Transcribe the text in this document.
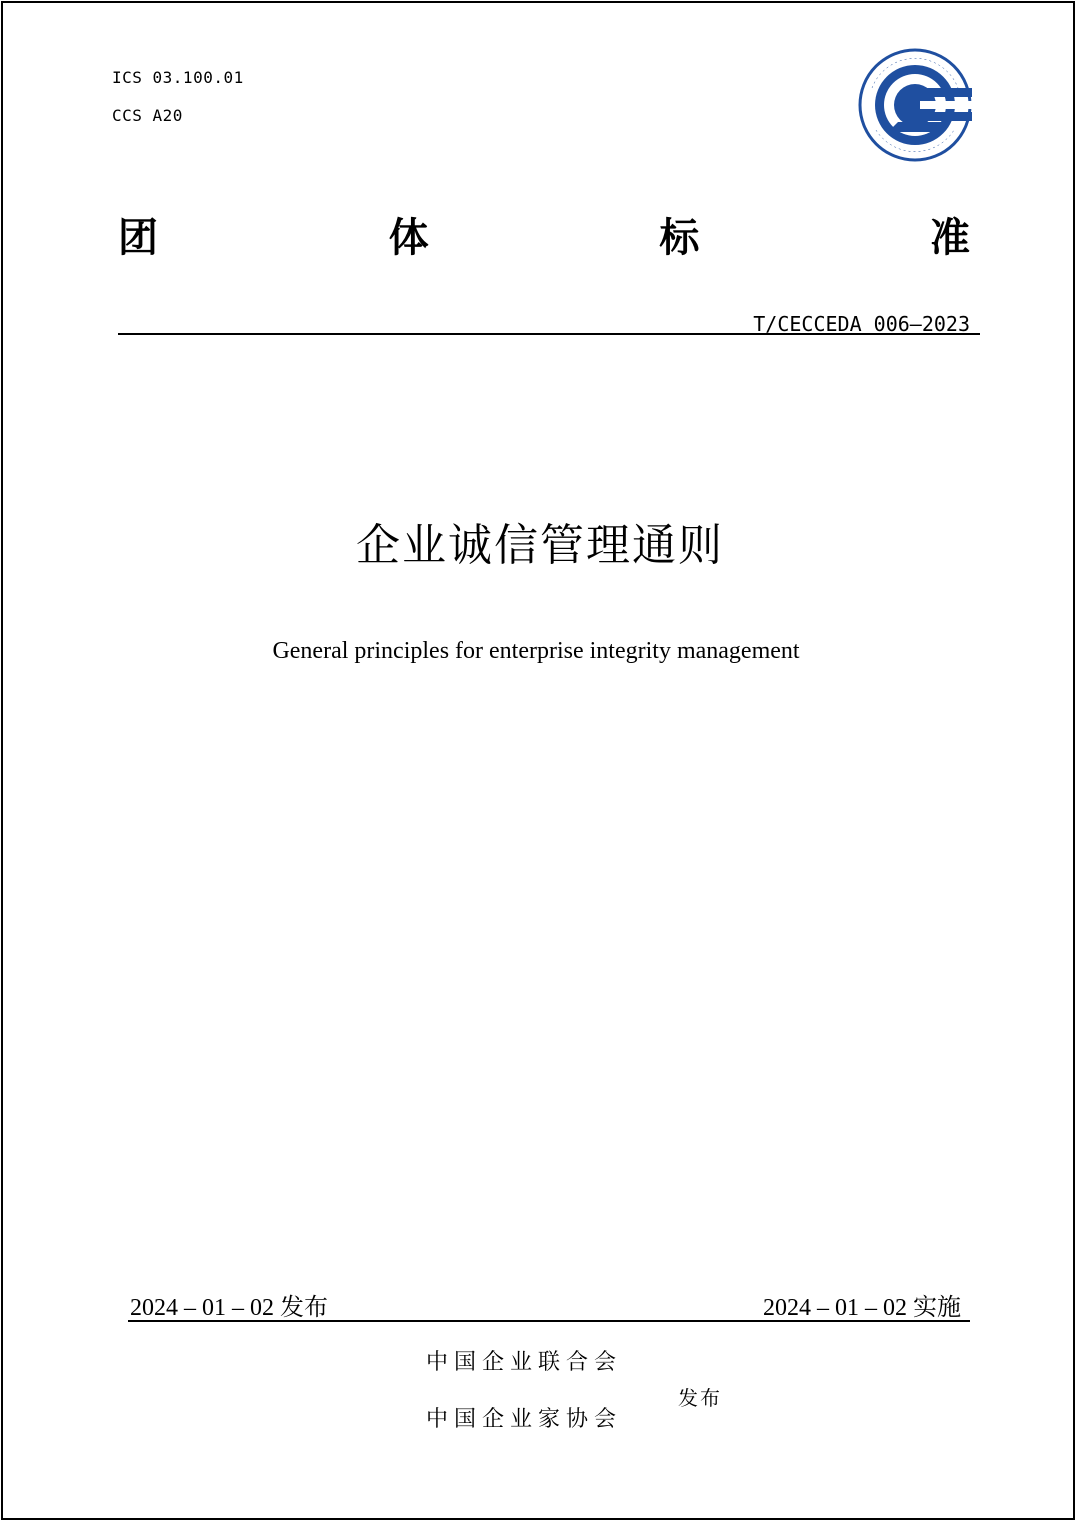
ICS 03.100.01
CCS A20
团	体	标	准
T/CECCEDA 006—2023
企业诚信管理通则
General principles for enterprise integrity management
2024 – 01 – 02 发布	2024 – 01 – 02 实施
中国企业联合会
中国企业家协会
发布
